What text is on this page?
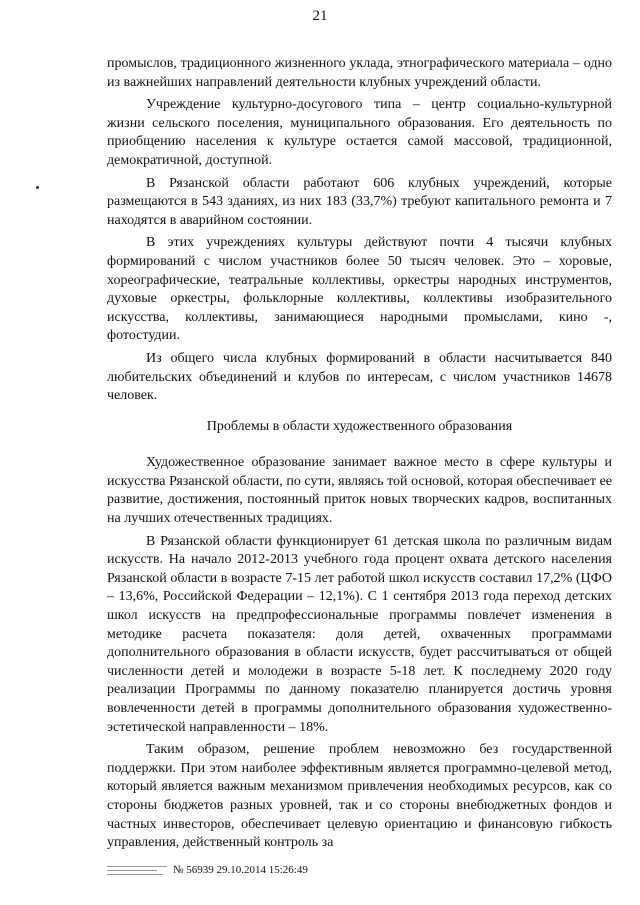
21

промыслов, традиционного жизненного уклада, этнографического материала – одно из важнейших направлений деятельности клубных учреждений области.

Учреждение культурно-досугового типа – центр социально-культурной жизни сельского поселения, муниципального образования. Его деятельность по приобщению населения к культуре остается самой массовой, традиционной, демократичной, доступной.

В Рязанской области работают 606 клубных учреждений, которые размещаются в 543 зданиях, из них 183 (33,7%) требуют капитального ремонта и 7 находятся в аварийном состоянии.

В этих учреждениях культуры действуют почти 4 тысячи клубных формирований с числом участников более 50 тысяч человек. Это – хоровые, хореографические, театральные коллективы, оркестры народных инструментов, духовые оркестры, фольклорные коллективы, коллективы изобразительного искусства, коллективы, занимающиеся народными промыслами, кино -, фотостудии.

Из общего числа клубных формирований в области насчитывается 840 любительских объединений и клубов по интересам, с числом участников 14678 человек.

Проблемы в области художественного образования

Художественное образование занимает важное место в сфере культуры и искусства Рязанской области, по сути, являясь той основой, которая обеспечивает ее развитие, достижения, постоянный приток новых творческих кадров, воспитанных на лучших отечественных традициях.

В Рязанской области функционирует 61 детская школа по различным видам искусств. На начало 2012-2013 учебного года процент охвата детского населения Рязанской области в возрасте 7-15 лет работой школ искусств составил 17,2% (ЦФО – 13,6%, Российской Федерации – 12,1%). С 1 сентября 2013 года переход детских школ искусств на предпрофессиональные программы повлечет изменения в методике расчета показателя: доля детей, охваченных программами дополнительного образования в области искусств, будет рассчитываться от общей численности детей и молодежи в возрасте 5-18 лет. К последнему 2020 году реализации Программы по данному показателю планируется достичь уровня вовлеченности детей в программы дополнительного образования художественно-эстетической направленности – 18%.

Таким образом, решение проблем невозможно без государственной поддержки. При этом наиболее эффективным является программно-целевой метод, который является важным механизмом привлечения необходимых ресурсов, как со стороны бюджетов разных уровней, так и со стороны внебюджетных фондов и частных инвесторов, обеспечивает целевую ориентацию и финансовую гибкость управления, действенный контроль за

№ 56939 29.10.2014 15:26:49
